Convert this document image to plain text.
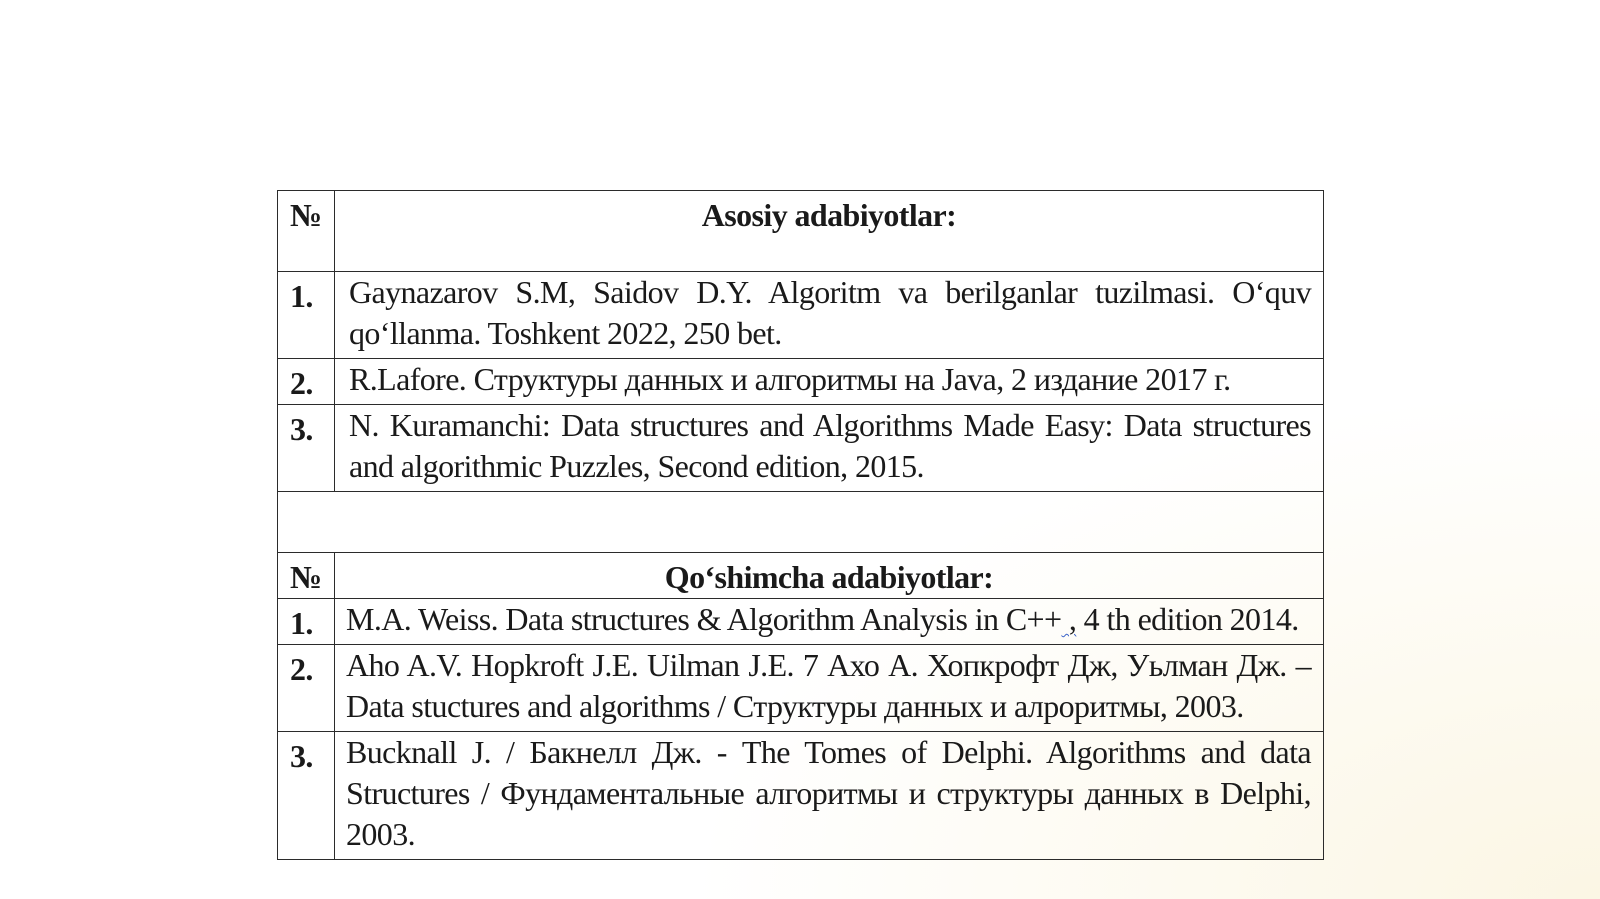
№	Asosiy adabiyotlar:
1.	Gaynazarov S.M, Saidov D.Y. Algoritm va berilganlar tuzilmasi. O‘quv qo‘llanma. Toshkent 2022, 250 bet.
2.	R.Lafore. Структуры данных и алгоритмы на Java, 2 издание 2017 г.
3.	N. Kuramanchi: Data structures and Algorithms Made Easy: Data structures and algorithmic Puzzles, Second edition, 2015.

№	Qo‘shimcha adabiyotlar:
1.	M.A. Weiss. Data structures & Algorithm Analysis in C++ , 4 th edition 2014.
2.	Aho A.V. Hopkroft J.E. Uilman J.E. 7 Ахо А. Хопкрофт Дж, Уьлман Дж. – Data stuctures and algorithms / Структуры данных и алроритмы, 2003.
3.	Bucknall J. / Бакнелл Дж. - The Tomes of Delphi. Algorithms and data Structures / Фундаментальные алгоритмы и структуры данных в Delphi, 2003.
